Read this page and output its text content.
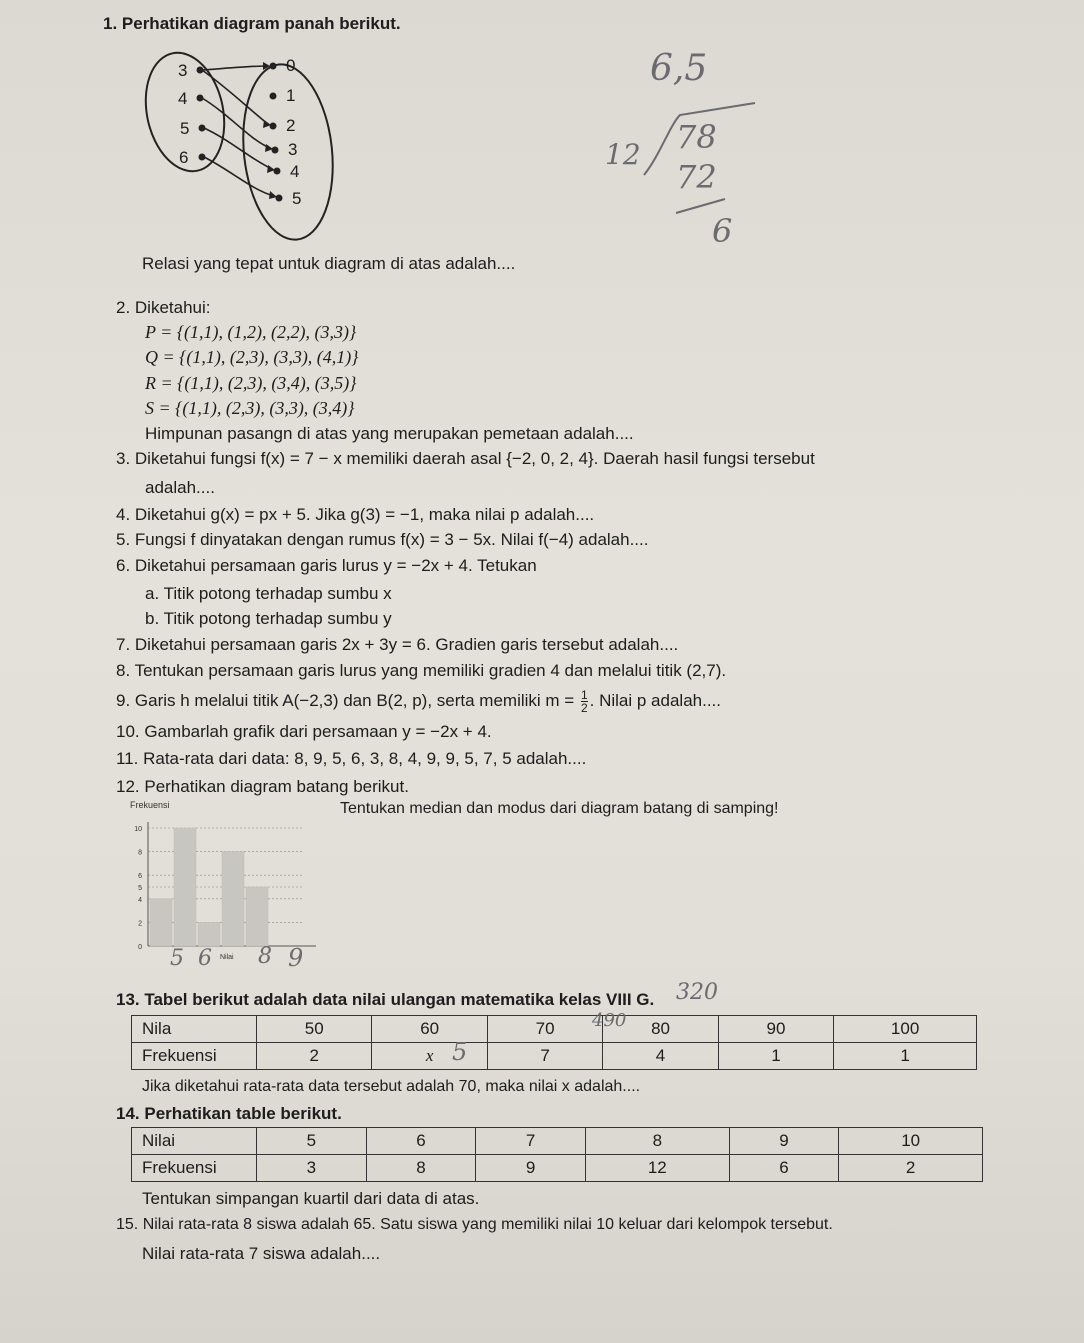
1. Perhatikan diagram panah berikut.
3
4
5
6
0
1
2
3
4
5
Relasi yang tepat untuk diagram di atas adalah....
6,5
12 78
72
6
2. Diketahui:
P = {(1,1), (1,2), (2,2), (3,3)}
Q = {(1,1), (2,3), (3,3), (4,1)}
R = {(1,1), (2,3), (3,4), (3,5)}
S = {(1,1), (2,3), (3,3), (3,4)}
Himpunan pasangn di atas yang merupakan pemetaan adalah....
3. Diketahui fungsi f(x) = 7 − x memiliki daerah asal {−2, 0, 2, 4}. Daerah hasil fungsi tersebut
adalah....
4. Diketahui g(x) = px + 5. Jika g(3) = −1, maka nilai p adalah....
5. Fungsi f dinyatakan dengan rumus f(x) = 3 − 5x. Nilai f(−4) adalah....
6. Diketahui persamaan garis lurus y = −2x + 4. Tetukan
a. Titik potong terhadap sumbu x
b. Titik potong terhadap sumbu y
7. Diketahui persamaan garis 2x + 3y = 6. Gradien garis tersebut adalah....
8. Tentukan persamaan garis lurus yang memiliki gradien 4 dan melalui titik (2,7).
9. Garis h melalui titik A(−2,3) dan B(2, p), serta memiliki $m = \frac{1}{2}$ . Nilai p adalah....
10. Gambarlah grafik dari persamaan y = −2x + 4.
11. Rata-rata dari data: 8, 9, 5, 6, 3, 8, 4, 9, 9, 5, 7, 5 adalah....
12. Perhatikan diagram batang berikut.
Tentukan median dan modus dari diagram batang di samping!
Frekuensi
0
2
4
5
6
8
10
Nilai
5 6 8 9
13. Tabel berikut adalah data nilai ulangan matematika kelas VIII G. 320
Nila	50	60	70	80	90	100
Frekuensi	2	x	7	4	1	1
490
5
Jika diketahui rata-rata data tersebut adalah 70, maka nilai x adalah....
14. Perhatikan table berikut.
Nilai	5	6	7	8	9	10
Frekuensi	3	8	9	12	6	2
Tentukan simpangan kuartil dari data di atas.
15. Nilai rata-rata 8 siswa adalah 65. Satu siswa yang memiliki nilai 10 keluar dari kelompok tersebut.
Nilai rata-rata 7 siswa adalah....
